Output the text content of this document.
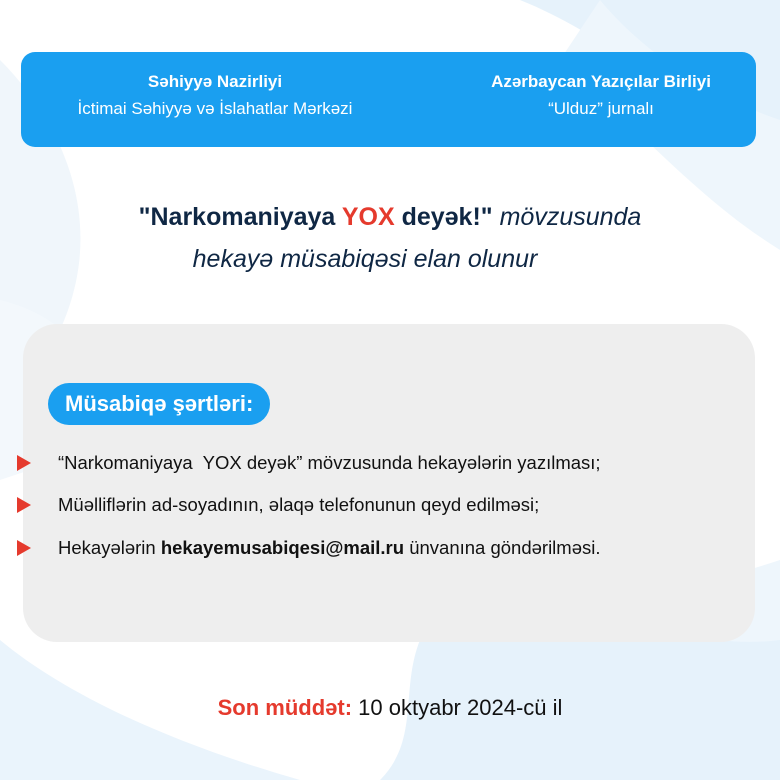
Səhiyyə Nazirliyi
İctimai Səhiyyə və İslahatlar Mərkəzi
Azərbaycan Yazıçılar Birliyi
“Ulduz” jurnalı
"Narkomaniyaya YOX deyək!" mövzusunda
hekayə müsabiqəsi elan olunur
Müsabiqə şərtləri:
“Narkomaniyaya  YOX deyək” mövzusunda hekayələrin yazılması;
Müəlliflərin ad-soyadının, əlaqə telefonunun qeyd edilməsi;
Hekayələrin hekayemusabiqesi@mail.ru ünvanına göndərilməsi.
Son müddət: 10 oktyabr 2024-cü il
